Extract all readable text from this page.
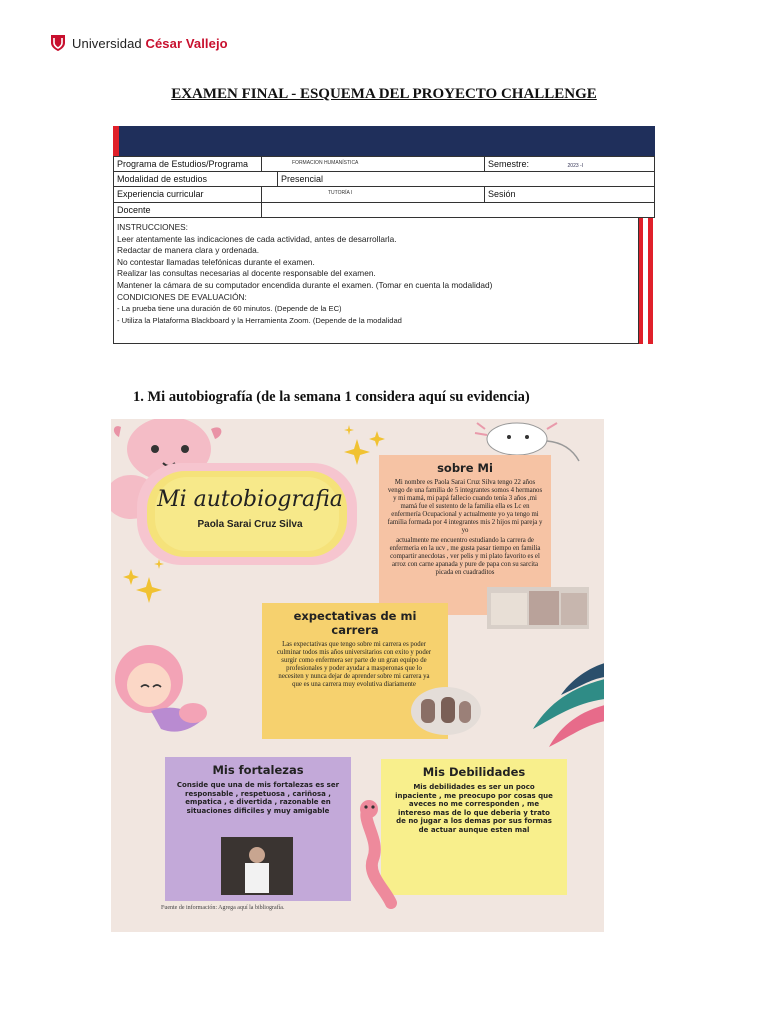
Universidad César Vallejo
EXAMEN FINAL - ESQUEMA DEL PROYECTO CHALLENGE
Programa de Estudios/Programa	FORMACION HUMANÍSTICA	Semestre:	2023 -I
Modalidad de estudios	Presencial
Experiencia curricular	TUTORÍA I	Sesión
Docente
INSTRUCCIONES:
Leer atentamente las indicaciones de cada actividad, antes de desarrollarla.
Redactar de manera clara y ordenada.
No contestar llamadas telefónicas durante el examen.
Realizar las consultas necesarias al docente responsable del examen.
Mantener la cámara de su computador encendida durante el examen. (Tomar en cuenta la modalidad)
CONDICIONES DE EVALUACIÓN:
- La prueba tiene una duración de 60 minutos. (Depende de la EC)
- Utiliza la Plataforma Blackboard y la Herramienta Zoom. (Depende de la modalidad
1. Mi autobiografía (de la semana 1 considera aquí su evidencia)
Mi autobiografia
Paola Sarai Cruz Silva
sobre Mi
Mi nombre es Paola Sarai Cruz Silva tengo 22 años vengo de una familia de 5 integrantes somos 4 hermanos y mi mamá, mi papá fallecio cuando tenía 3 años ,mi mamá fue el sustento de la familia ella es Lc en enfermería Ocupacional y actualmente yo ya tengo mi familia formada por 4 integrantes mis 2 hijos mi pareja y yo
actualmente me encuentro estudiando la carrera de enfermeria en la ucv , me gusta pasar tiempo en familia compartir anecdotas , ver pelis y mi plato favorito es el arroz con carne apanada y pure de papa con su sarcita picada en cuadraditos
expectativas de mi carrera
Las expectativas que tengo sobre mi carrera es poder culminar todos mis años universitarios con exito y poder surgir como enfermera ser parte de un gran equipo de profesionales y poder ayudar a masperonas que lo necesiten y nunca dejar de aprender sobre mi carrera ya que es una carrera muy evolutiva diariamente
Mis fortalezas
Conside que una de mis fortalezas es ser responsable , respetuosa , cariñosa , empatica , e divertida , razonable en situaciones dificiles y muy amigable
Mis Debilidades
Mis debilidades es ser un poco inpaciente , me preocupo por cosas que aveces no me corresponden , me intereso mas de lo que deberia y trato de no jugar a los demas por sus formas de actuar aunque esten mal
Fuente de información: Agrega aquí la bibliografía.
